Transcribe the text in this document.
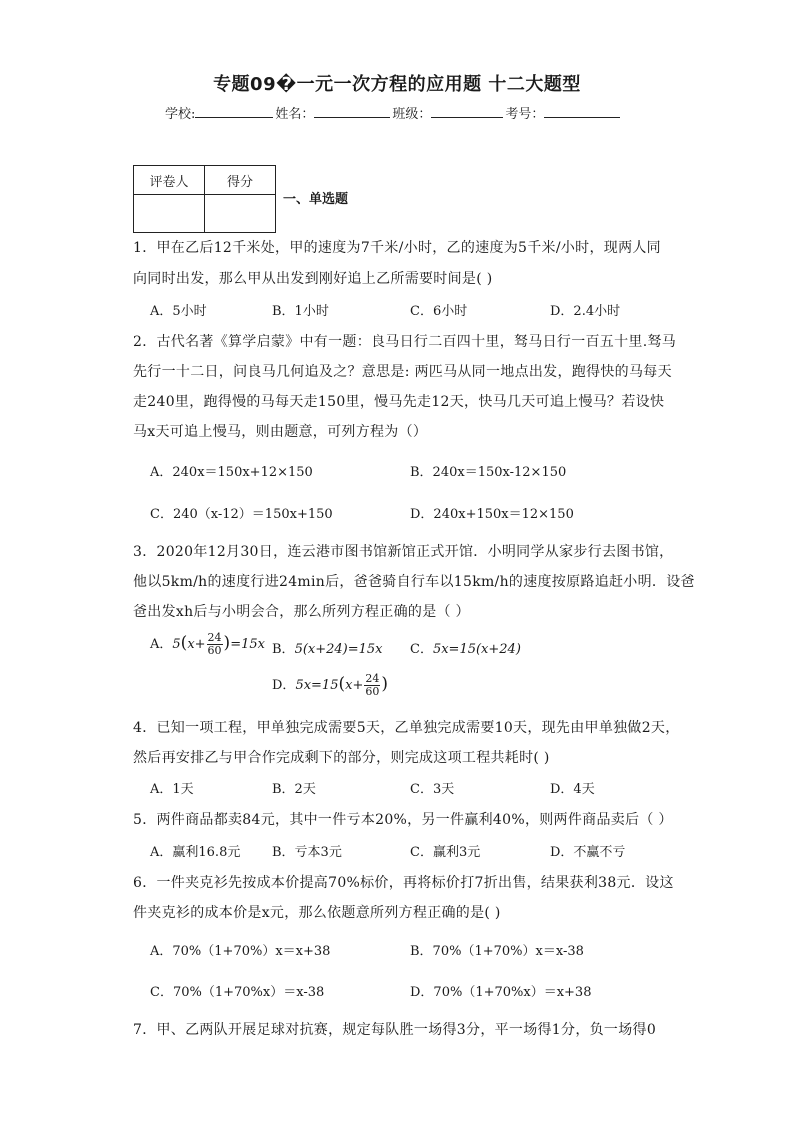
专题09�一元一次方程的应用题 十二大题型
学校:	姓名：	班级：	考号：
评卷人	得分

一、单选题
1．甲在乙后12千米处，甲的速度为7千米/小时，乙的速度为5千米/小时，现两人同
向同时出发，那么甲从出发到刚好追上乙所需要时间是( )
A．5小时	B．1小时	C．6小时	D．2.4小时
2．古代名著《算学启蒙》中有一题：良马日行二百四十里，驽马日行一百五十里.驽马
先行一十二日，问良马几何追及之？意思是: 两匹马从同一地点出发，跑得快的马每天
走240里，跑得慢的马每天走150里，慢马先走12天，快马几天可追上慢马？若设快
马x天可追上慢马，则由题意，可列方程为（）
A．240x＝150x+12×150	B．240x＝150x-12×150
C．240（x-12）＝150x+150	D．240x+150x＝12×150
3．2020年12月30日，连云港市图书馆新馆正式开馆．小明同学从家步行去图书馆，
他以5km/h的速度行进24min后，爸爸骑自行车以15km/h的速度按原路追赶小明．设爸
爸出发xh后与小明会合，那么所列方程正确的是（ ）
A．$5(x+ \frac{24}{60} )=15x$ B．5(x+24)=15x C．5x=15(x+24)
D．$5x=15(x+ \frac{24}{60}$ )
4．已知一项工程，甲单独完成需要5天，乙单独完成需要10天，现先由甲单独做2天，
然后再安排乙与甲合作完成剩下的部分，则完成这项工程共耗时( )
A．1天	B．2天	C．3天	D．4天
5．两件商品都卖84元，其中一件亏本20%，另一件赢利40%，则两件商品卖后（ ）
A．赢利16.8元 B．亏本3元	C．赢利3元	D．不赢不亏
6．一件夹克衫先按成本价提高70%标价，再将标价打7折出售，结果获利38元．设这
件夹克衫的成本价是x元，那么依题意所列方程正确的是( )
A．70%（1+70%）x＝x+38	B．70%（1+70%）x＝x-38
C．70%（1+70%x）＝x-38	D．70%（1+70%x）＝x+38
7．甲、乙两队开展足球对抗赛，规定每队胜一场得3分，平一场得1分，负一场得0
